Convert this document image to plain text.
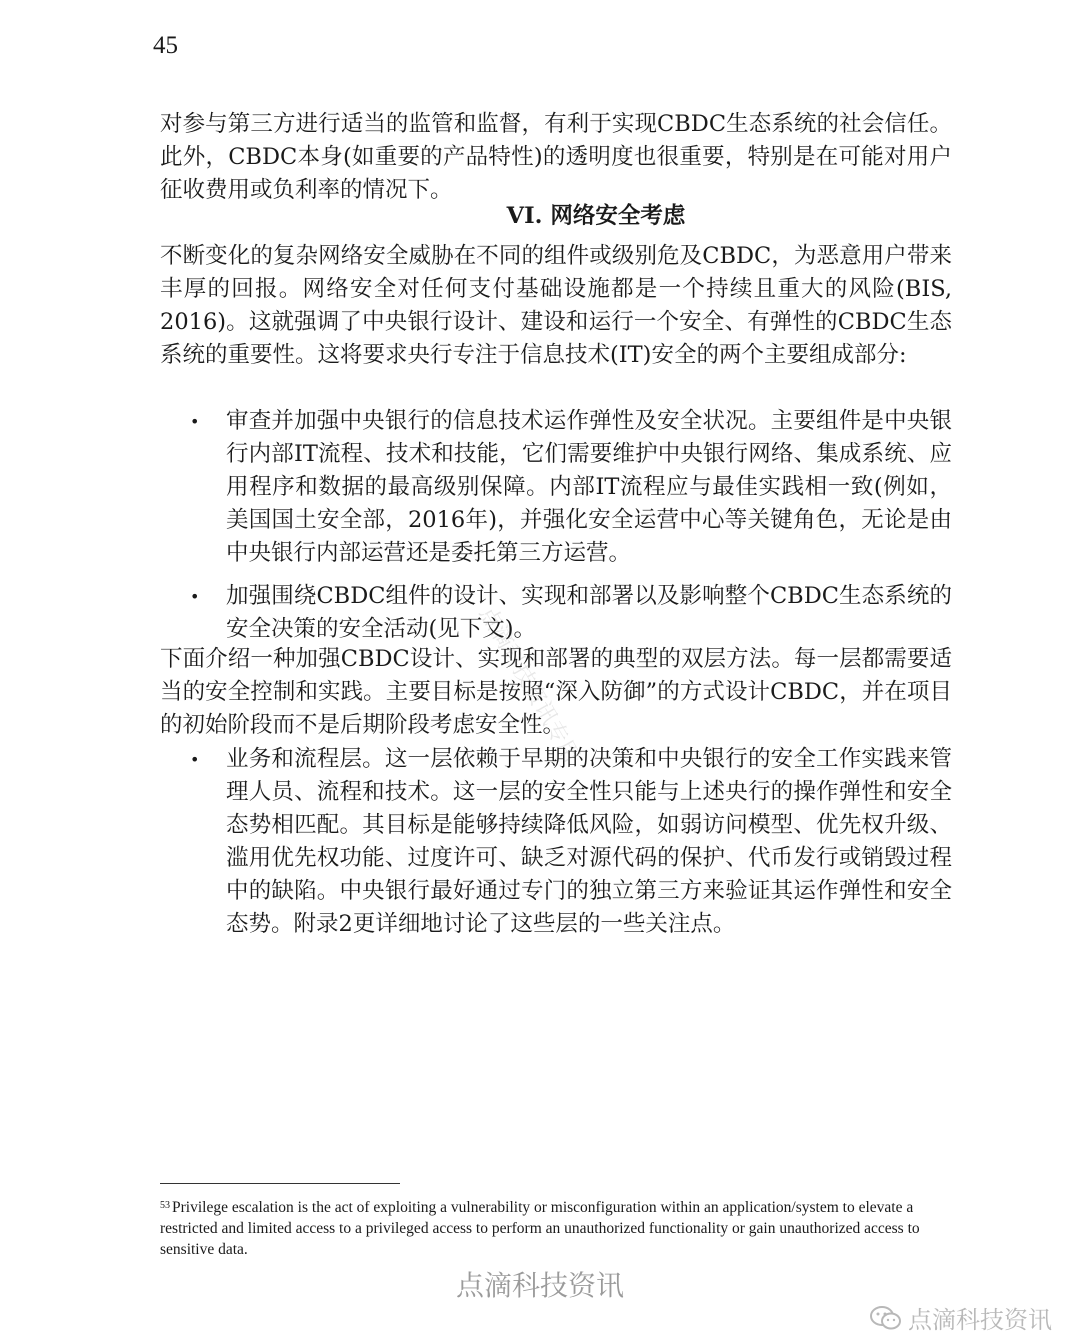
45

对参与第三方进行适当的监管和监督，有利于实现CBDC生态系统的社会信任。此外，CBDC本身(如重要的产品特性)的透明度也很重要，特别是在可能对用户征收费用或负利率的情况下。

VI. 网络安全考虑

不断变化的复杂网络安全威胁在不同的组件或级别危及CBDC，为恶意用户带来丰厚的回报。网络安全对任何支付基础设施都是一个持续且重大的风险(BIS, 2016)。这就强调了中央银行设计、建设和运行一个安全、有弹性的CBDC生态系统的重要性。这将要求央行专注于信息技术(IT)安全的两个主要组成部分:

• 审查并加强中央银行的信息技术运作弹性及安全状况。主要组件是中央银行内部IT流程、技术和技能，它们需要维护中央银行网络、集成系统、应用程序和数据的最高级别保障。内部IT流程应与最佳实践相一致(例如，美国国土安全部，2016年)，并强化安全运营中心等关键角色，无论是由中央银行内部运营还是委托第三方运营。
• 加强围绕CBDC组件的设计、实现和部署以及影响整个CBDC生态系统的安全决策的安全活动(见下文)。

下面介绍一种加强CBDC设计、实现和部署的典型的双层方法。每一层都需要适当的安全控制和实践。主要目标是按照“深入防御”的方式设计CBDC，并在项目的初始阶段而不是后期阶段考虑安全性。

• 业务和流程层。这一层依赖于早期的决策和中央银行的安全工作实践来管理人员、流程和技术。这一层的安全性只能与上述央行的操作弹性和安全态势相匹配。其目标是能够持续降低风险，如弱访问模型、优先权升级、滥用优先权功能、过度许可、缺乏对源代码的保护、代币发行或销毁过程中的缺陷。中央银行最好通过专门的独立第三方来验证其运作弹性和安全态势。附录2更详细地讨论了这些层的一些关注点。
点滴科技资讯专用

$^{53}$ Privilege escalation is the act of exploiting a vulnerability or misconfiguration within an application/system to elevate a restricted and limited access to a privileged access to perform an unauthorized functionality or gain unauthorized access to sensitive data.

点滴科技资讯
点滴科技资讯
